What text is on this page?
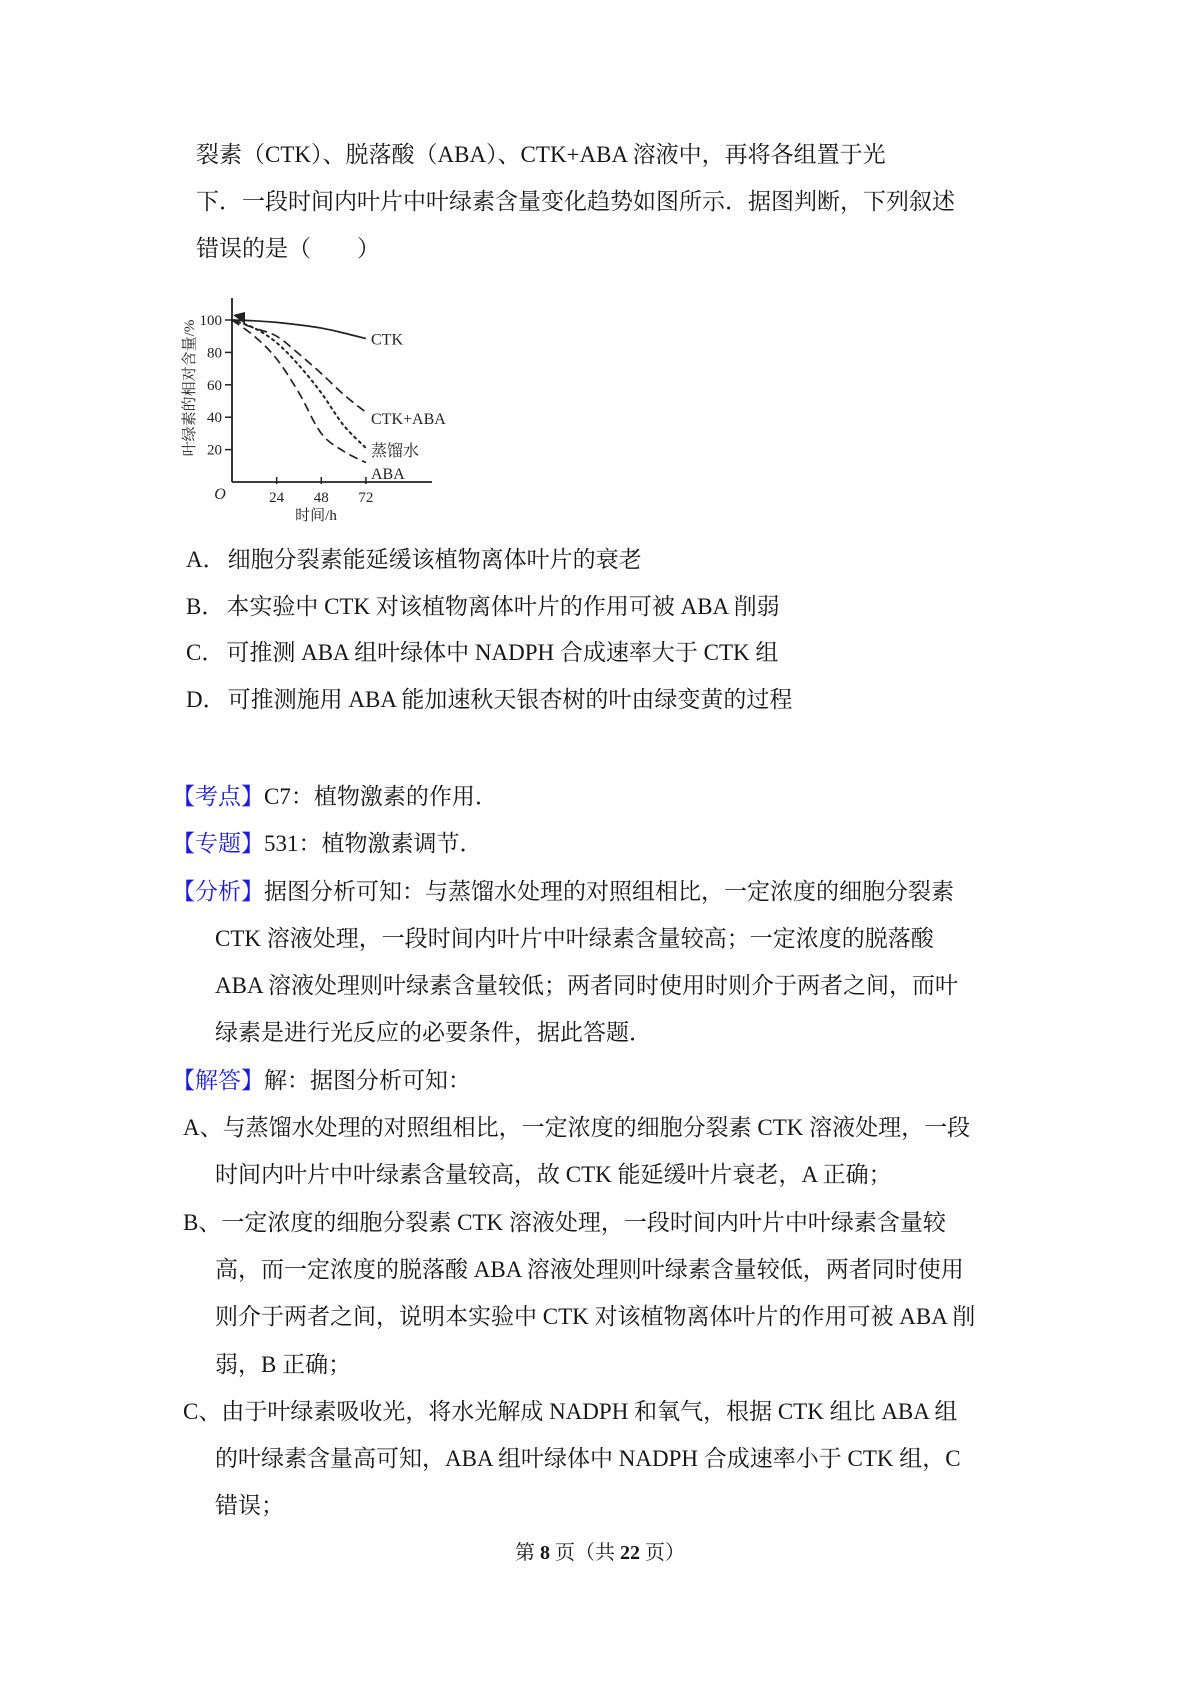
裂素（CTK）、脱落酸（ABA）、CTK+ABA 溶液中，再将各组置于光
下．一段时间内叶片中叶绿素含量变化趋势如图所示．据图判断，下列叙述
错误的是（　　）
20
40
60
80
100
24 48 72
O
时间/h
叶绿素的相对含量/%	CTK
CTK+ABA
蒸馏水
ABA
A．细胞分裂素能延缓该植物离体叶片的衰老
B．本实验中 CTK 对该植物离体叶片的作用可被 ABA 削弱
C．可推测 ABA 组叶绿体中 NADPH 合成速率大于 CTK 组
D．可推测施用 ABA 能加速秋天银杏树的叶由绿变黄的过程
【考点】C7：植物激素的作用．
【专题】531：植物激素调节．
【分析】据图分析可知：与蒸馏水处理的对照组相比，一定浓度的细胞分裂素
CTK 溶液处理，一段时间内叶片中叶绿素含量较高；一定浓度的脱落酸
ABA 溶液处理则叶绿素含量较低；两者同时使用时则介于两者之间，而叶
绿素是进行光反应的必要条件，据此答题．
【解答】解：据图分析可知：
A、与蒸馏水处理的对照组相比，一定浓度的细胞分裂素 CTK 溶液处理，一段
时间内叶片中叶绿素含量较高，故 CTK 能延缓叶片衰老，A 正确；
B、一定浓度的细胞分裂素 CTK 溶液处理，一段时间内叶片中叶绿素含量较
高，而一定浓度的脱落酸 ABA 溶液处理则叶绿素含量较低，两者同时使用
则介于两者之间，说明本实验中 CTK 对该植物离体叶片的作用可被 ABA 削
弱，B 正确；
C、由于叶绿素吸收光，将水光解成 NADPH 和氧气，根据 CTK 组比 ABA 组
的叶绿素含量高可知，ABA 组叶绿体中 NADPH 合成速率小于 CTK 组，C
错误；
第 8 页（共 22 页）
